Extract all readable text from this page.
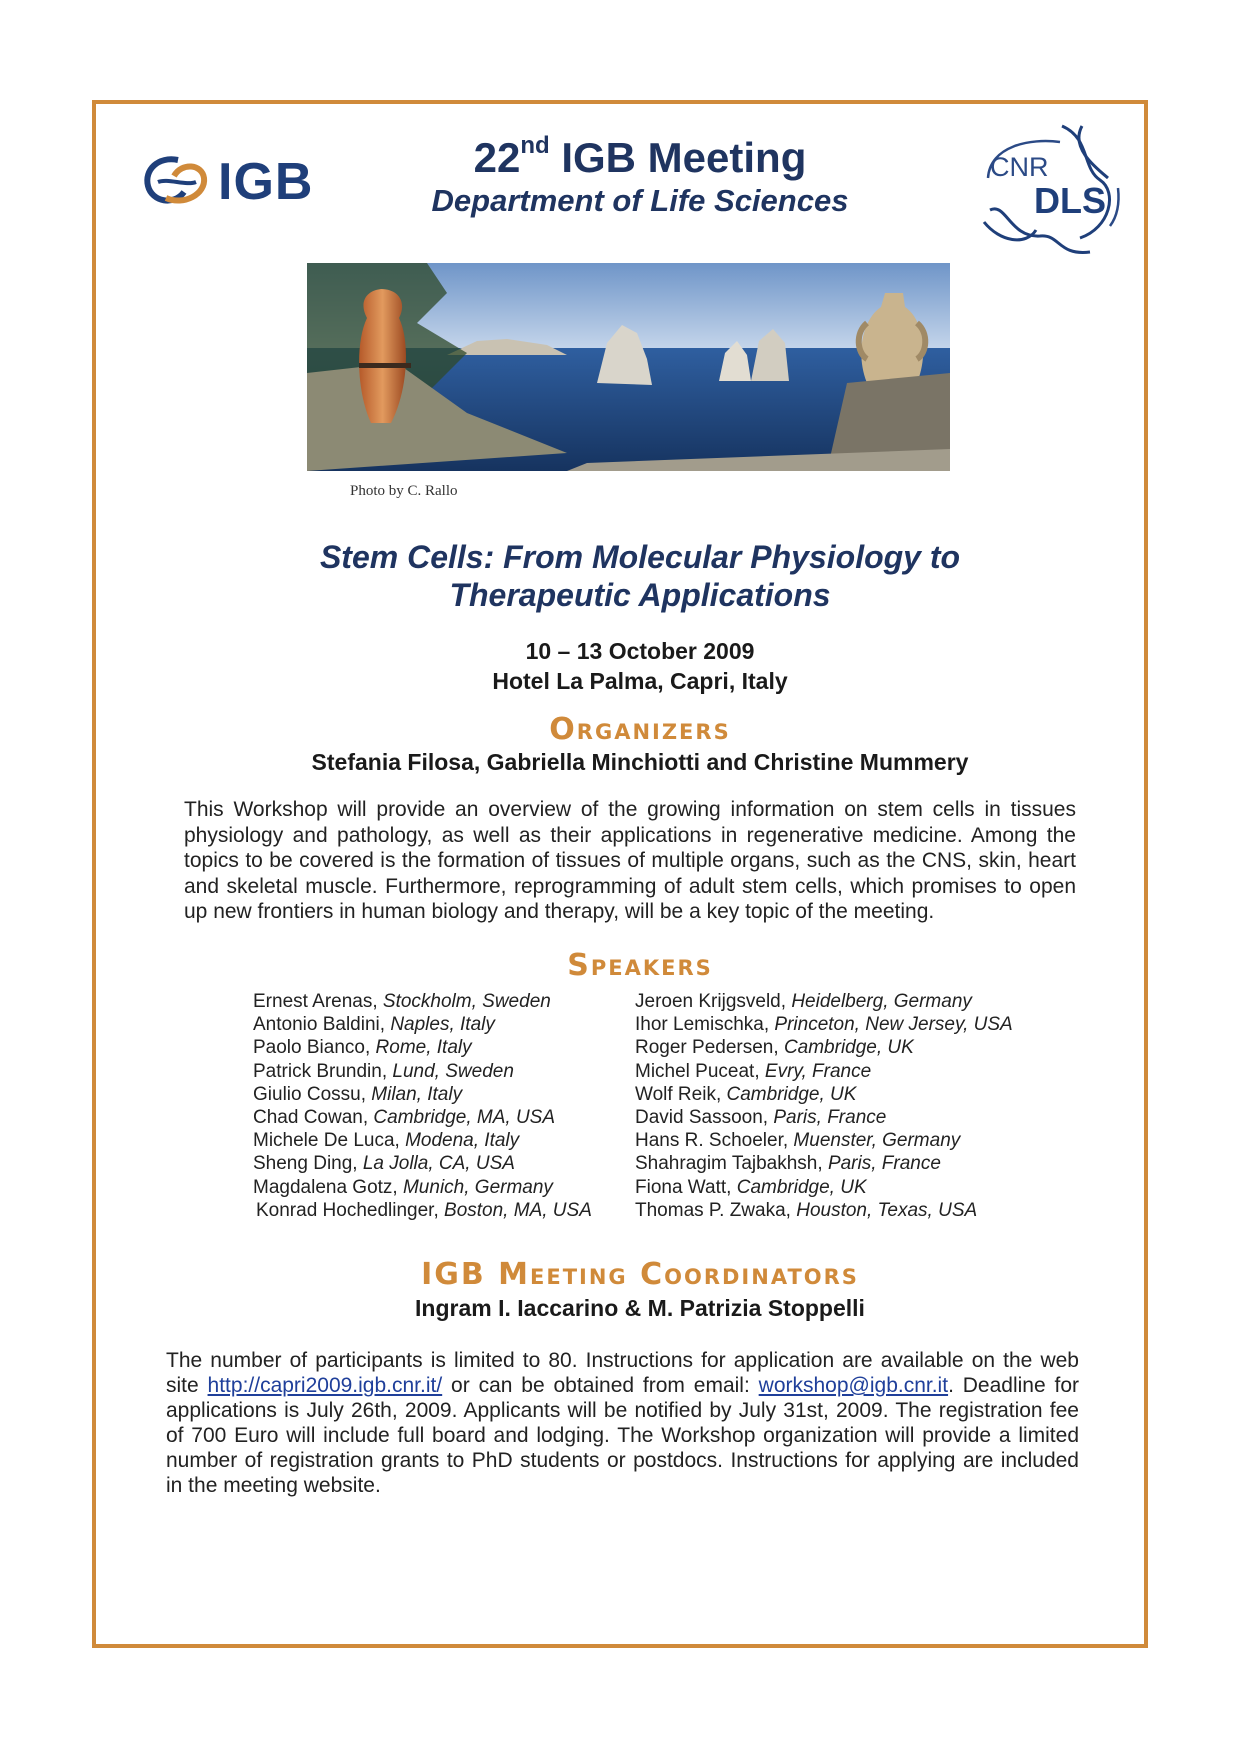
IGB	22nd IGB Meeting
Department of Life Sciences
CNR
DLS
Photo by C. Rallo
Stem Cells: From Molecular Physiology to
Therapeutic Applications
10 – 13 October 2009
Hotel La Palma, Capri, Italy
Organizers
Stefania Filosa, Gabriella Minchiotti and Christine Mummery
This Workshop will provide an overview of the growing information on stem cells in tissues physiology and pathology, as well as their applications in regenerative medicine. Among the topics to be covered is the formation of tissues of multiple organs, such as the CNS, skin, heart and skeletal muscle. Furthermore, reprogramming of adult stem cells, which promises to open up new frontiers in human biology and therapy, will be a key topic of the meeting.
Speakers
Ernest Arenas, Stockholm, Sweden
Antonio Baldini, Naples, Italy
Paolo Bianco, Rome, Italy
Patrick Brundin, Lund, Sweden
Giulio Cossu, Milan, Italy
Chad Cowan, Cambridge, MA, USA
Michele De Luca, Modena, Italy
Sheng Ding, La Jolla, CA, USA
Magdalena Gotz, Munich, Germany
Konrad Hochedlinger, Boston, MA, USA
Jeroen Krijgsveld, Heidelberg, Germany
Ihor Lemischka, Princeton, New Jersey, USA
Roger Pedersen, Cambridge, UK
Michel Puceat, Evry, France
Wolf Reik, Cambridge, UK
David Sassoon, Paris, France
Hans R. Schoeler, Muenster, Germany
Shahragim Tajbakhsh, Paris, France
Fiona Watt, Cambridge, UK
Thomas P. Zwaka, Houston, Texas, USA
IGB Meeting Coordinators
Ingram I. Iaccarino & M. Patrizia Stoppelli
The number of participants is limited to 80. Instructions for application are available on the web site http://capri2009.igb.cnr.it/ or can be obtained from email: workshop@igb.cnr.it. Deadline for applications is July 26th, 2009. Applicants will be notified by July 31st, 2009. The registration fee of 700 Euro will include full board and lodging. The Workshop organization will provide a limited number of registration grants to PhD students or postdocs. Instructions for applying are included in the meeting website.
